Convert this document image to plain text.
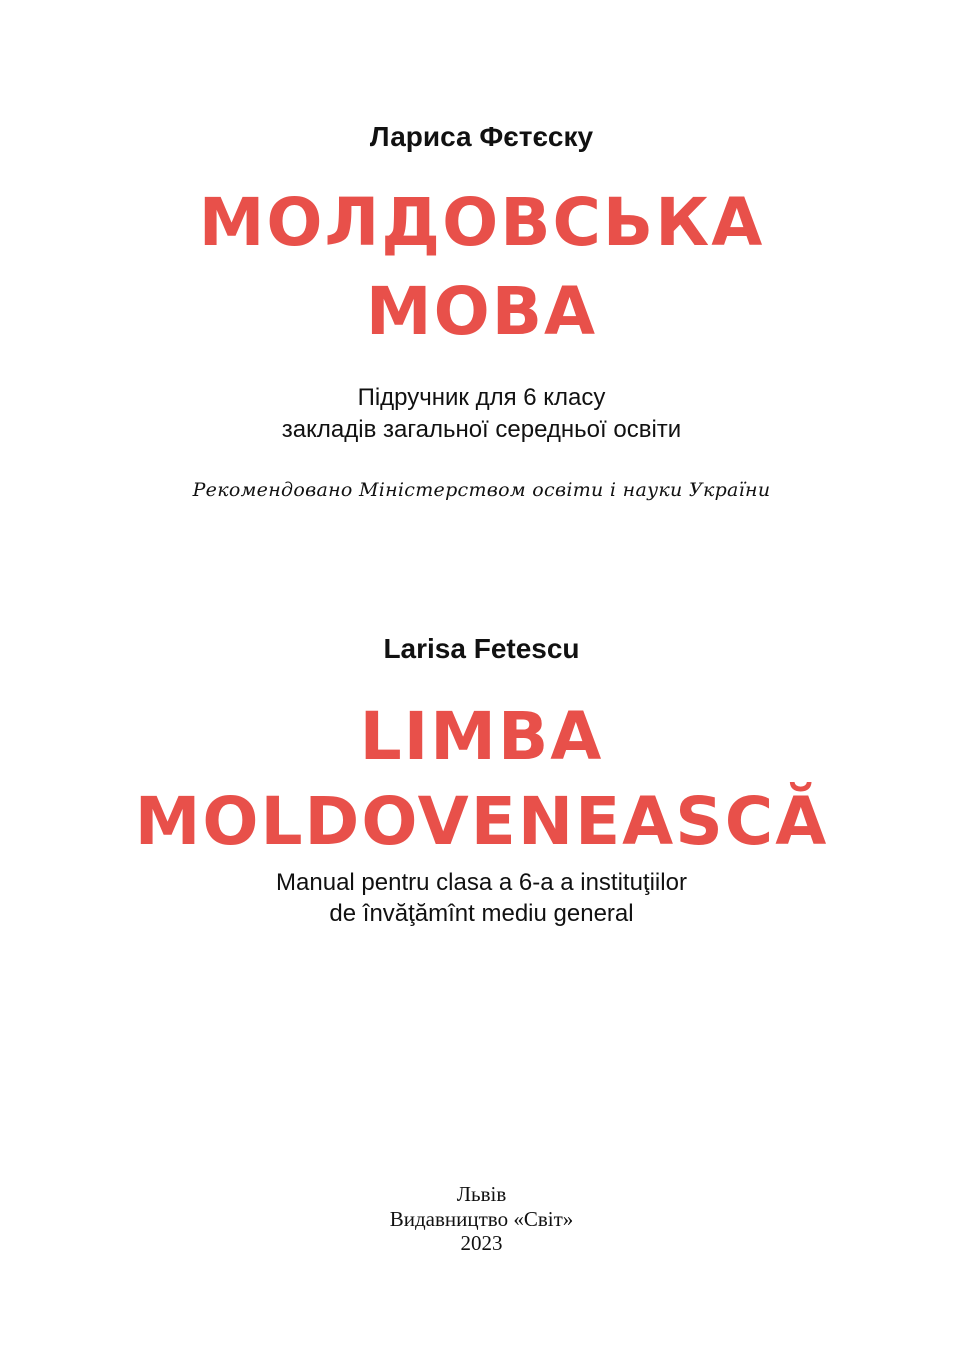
Лариса Фєтєску
МОЛДОВСЬКА
МОВА
Підручник для 6 класу
закладів загальної середньої освіти
Рекомендовано Міністерством освіти і науки України
Larisa Fetescu
LIMBA
MOLDOVENEASCĂ
Manual pentru clasa a 6-a a instituţiilor
de învăţămînt mediu general
Львів
Видавництво «Світ»
2023
